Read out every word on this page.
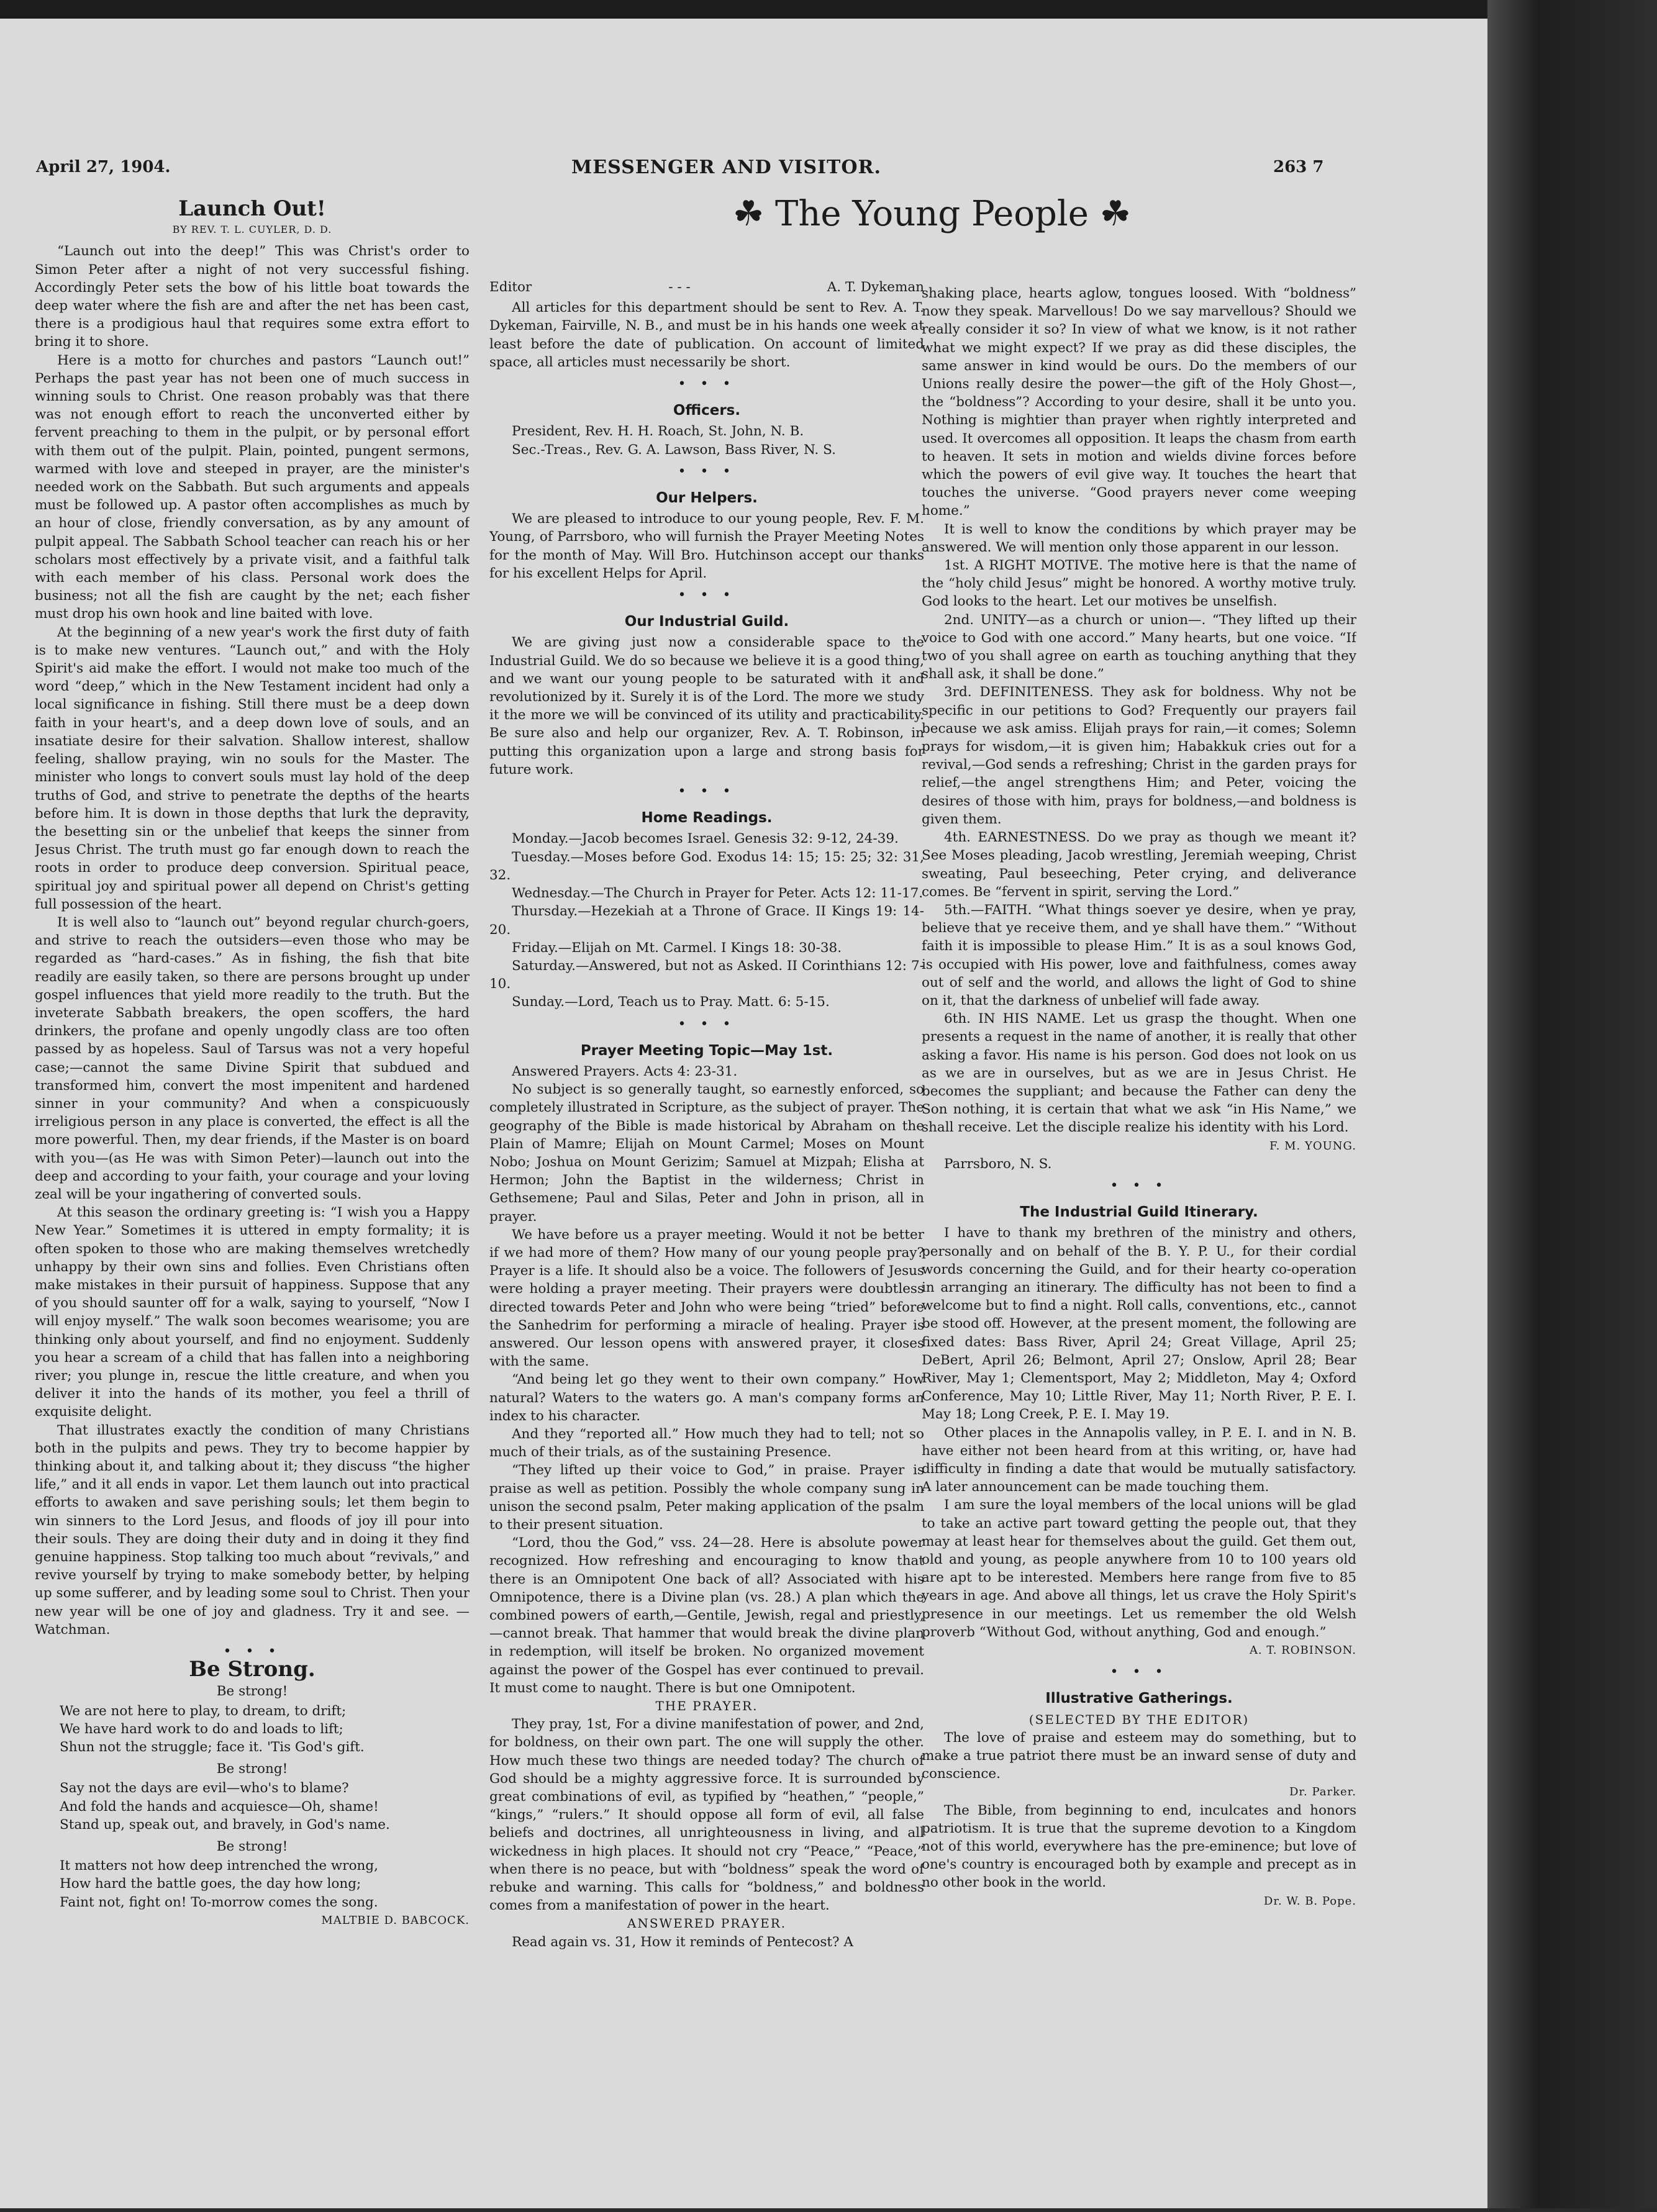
April 27, 1904.	MESSENGER AND VISITOR.	263 7
☘ The Young People ☘
Launch Out!
BY REV. T. L. CUYLER, D. D.

“Launch out into the deep!” This was Christ's order to Simon Peter after a night of not very successful fishing. Accordingly Peter sets the bow of his little boat towards the deep water where the fish are and after the net has been cast, there is a prodigious haul that requires some extra effort to bring it to shore.

Here is a motto for churches and pastors “Launch out!” Perhaps the past year has not been one of much success in winning souls to Christ. One reason probably was that there was not enough effort to reach the unconverted either by fervent preaching to them in the pulpit, or by personal effort with them out of the pulpit. Plain, pointed, pungent sermons, warmed with love and steeped in prayer, are the minister's needed work on the Sabbath. But such arguments and appeals must be followed up. A pastor often accomplishes as much by an hour of close, friendly conversation, as by any amount of pulpit appeal. The Sabbath School teacher can reach his or her scholars most effectively by a private visit, and a faithful talk with each member of his class. Personal work does the business; not all the fish are caught by the net; each fisher must drop his own hook and line baited with love.

At the beginning of a new year's work the first duty of faith is to make new ventures. “Launch out,” and with the Holy Spirit's aid make the effort. I would not make too much of the word “deep,” which in the New Testament incident had only a local significance in fishing. Still there must be a deep down faith in your heart's, and a deep down love of souls, and an insatiate desire for their salvation. Shallow interest, shallow feeling, shallow praying, win no souls for the Master. The minister who longs to convert souls must lay hold of the deep truths of God, and strive to penetrate the depths of the hearts before him. It is down in those depths that lurk the depravity, the besetting sin or the unbelief that keeps the sinner from Jesus Christ. The truth must go far enough down to reach the roots in order to produce deep conversion. Spiritual peace, spiritual joy and spiritual power all depend on Christ's getting full possession of the heart.

It is well also to “launch out” beyond regular church-goers, and strive to reach the outsiders—even those who may be regarded as “hard-cases.” As in fishing, the fish that bite readily are easily taken, so there are persons brought up under gospel influences that yield more readily to the truth. But the inveterate Sabbath breakers, the open scoffers, the hard drinkers, the profane and openly ungodly class are too often passed by as hopeless. Saul of Tarsus was not a very hopeful case;—cannot the same Divine Spirit that subdued and transformed him, convert the most impenitent and hardened sinner in your community? And when a conspicuously irreligious person in any place is converted, the effect is all the more powerful. Then, my dear friends, if the Master is on board with you—(as He was with Simon Peter)—launch out into the deep and according to your faith, your courage and your loving zeal will be your ingathering of converted souls.

At this season the ordinary greeting is: “I wish you a Happy New Year.” Sometimes it is uttered in empty formality; it is often spoken to those who are making themselves wretchedly unhappy by their own sins and follies. Even Christians often make mistakes in their pursuit of happiness. Suppose that any of you should saunter off for a walk, saying to yourself, “Now I will enjoy myself.” The walk soon becomes wearisome; you are thinking only about yourself, and find no enjoyment. Suddenly you hear a scream of a child that has fallen into a neighboring river; you plunge in, rescue the little creature, and when you deliver it into the hands of its mother, you feel a thrill of exquisite delight.

That illustrates exactly the condition of many Christians both in the pulpits and pews. They try to become happier by thinking about it, and talking about it; they discuss “the higher life,” and it all ends in vapor. Let them launch out into practical efforts to awaken and save perishing souls; let them begin to win sinners to the Lord Jesus, and floods of joy ill pour into their souls. They are doing their duty and in doing it they find genuine happiness. Stop talking too much about “revivals,” and revive yourself by trying to make somebody better, by helping up some sufferer, and by leading some soul to Christ. Then your new year will be one of joy and gladness. Try it and see. —Watchman.

• • •
Be Strong.
Be strong!
We are not here to play, to dream, to drift;
We have hard work to do and loads to lift;
Shun not the struggle; face it. 'Tis God's gift.
Be strong!
Say not the days are evil—who's to blame?
And fold the hands and acquiesce—Oh, shame!
Stand up, speak out, and bravely, in God's name.
Be strong!
It matters not how deep intrenched the wrong,
How hard the battle goes, the day how long;
Faint not, fight on! To-morrow comes the song.
MALTBIE D. BABCOCK.
Editor	- - -	A. T. Dykeman

All articles for this department should be sent to Rev. A. T. Dykeman, Fairville, N. B., and must be in his hands one week at least before the date of publication. On account of limited space, all articles must necessarily be short.

• • •
Officers.

President, Rev. H. H. Roach, St. John, N. B.

Sec.-Treas., Rev. G. A. Lawson, Bass River, N. S.

• • •
Our Helpers.

We are pleased to introduce to our young people, Rev. F. M. Young, of Parrsboro, who will furnish the Prayer Meeting Notes for the month of May. Will Bro. Hutchinson accept our thanks for his excellent Helps for April.

• • •
Our Industrial Guild.

We are giving just now a considerable space to the Industrial Guild. We do so because we believe it is a good thing, and we want our young people to be saturated with it and revolutionized by it. Surely it is of the Lord. The more we study it the more we will be convinced of its utility and practicability. Be sure also and help our organizer, Rev. A. T. Robinson, in putting this organization upon a large and strong basis for future work.

• • •
Home Readings.

Monday.—Jacob becomes Israel. Genesis 32: 9-12, 24-39.

Tuesday.—Moses before God. Exodus 14: 15; 15: 25; 32: 31, 32.

Wednesday.—The Church in Prayer for Peter. Acts 12: 11-17.

Thursday.—Hezekiah at a Throne of Grace. II Kings 19: 14-20.

Friday.—Elijah on Mt. Carmel. I Kings 18: 30-38.

Saturday.—Answered, but not as Asked. II Corinthians 12: 7-10.

Sunday.—Lord, Teach us to Pray. Matt. 6: 5-15.

• • •
Prayer Meeting Topic—May 1st.

Answered Prayers. Acts 4: 23-31.

No subject is so generally taught, so earnestly enforced, so completely illustrated in Scripture, as the subject of prayer. The geography of the Bible is made historical by Abraham on the Plain of Mamre; Elijah on Mount Carmel; Moses on Mount Nobo; Joshua on Mount Gerizim; Samuel at Mizpah; Elisha at Hermon; John the Baptist in the wilderness; Christ in Gethsemene; Paul and Silas, Peter and John in prison, all in prayer.

We have before us a prayer meeting. Would it not be better if we had more of them? How many of our young people pray? Prayer is a life. It should also be a voice. The followers of Jesus were holding a prayer meeting. Their prayers were doubtless directed towards Peter and John who were being “tried” before the Sanhedrim for performing a miracle of healing. Prayer is answered. Our lesson opens with answered prayer, it closes with the same.

“And being let go they went to their own company.” How natural? Waters to the waters go. A man's company forms an index to his character.

And they “reported all.” How much they had to tell; not so much of their trials, as of the sustaining Presence.

“They lifted up their voice to God,” in praise. Prayer is praise as well as petition. Possibly the whole company sung in unison the second psalm, Peter making application of the psalm to their present situation.

“Lord, thou the God,” vss. 24—28. Here is absolute power recognized. How refreshing and encouraging to know that there is an Omnipotent One back of all? Associated with his Omnipotence, there is a Divine plan (vs. 28.) A plan which the combined powers of earth,—Gentile, Jewish, regal and priestly,—cannot break. That hammer that would break the divine plan in redemption, will itself be broken. No organized movement against the power of the Gospel has ever continued to prevail. It must come to naught. There is but one Omnipotent.

THE PRAYER.

They pray, 1st, For a divine manifestation of power, and 2nd, for boldness, on their own part. The one will supply the other. How much these two things are needed today? The church of God should be a mighty aggressive force. It is surrounded by great combinations of evil, as typified by “heathen,” “people,” “kings,” “rulers.” It should oppose all form of evil, all false beliefs and doctrines, all unrighteousness in living, and all wickedness in high places. It should not cry “Peace,” “Peace,” when there is no peace, but with “boldness” speak the word of rebuke and warning. This calls for “boldness,” and boldness comes from a manifestation of power in the heart.

ANSWERED PRAYER.

Read again vs. 31, How it reminds of Pentecost? A

shaking place, hearts aglow, tongues loosed. With “boldness” now they speak. Marvellous! Do we say marvellous? Should we really consider it so? In view of what we know, is it not rather what we might expect? If we pray as did these disciples, the same answer in kind would be ours. Do the members of our Unions really desire the power—the gift of the Holy Ghost—, the “boldness”? According to your desire, shall it be unto you. Nothing is mightier than prayer when rightly interpreted and used. It overcomes all opposition. It leaps the chasm from earth to heaven. It sets in motion and wields divine forces before which the powers of evil give way. It touches the heart that touches the universe. “Good prayers never come weeping home.”

It is well to know the conditions by which prayer may be answered. We will mention only those apparent in our lesson.

1st. A RIGHT MOTIVE. The motive here is that the name of the “holy child Jesus” might be honored. A worthy motive truly. God looks to the heart. Let our motives be unselfish.

2nd. UNITY—as a church or union—. “They lifted up their voice to God with one accord.” Many hearts, but one voice. “If two of you shall agree on earth as touching anything that they shall ask, it shall be done.”

3rd. DEFINITENESS. They ask for boldness. Why not be specific in our petitions to God? Frequently our prayers fail because we ask amiss. Elijah prays for rain,—it comes; Solemn prays for wisdom,—it is given him; Habakkuk cries out for a revival,—God sends a refreshing; Christ in the garden prays for relief,—the angel strengthens Him; and Peter, voicing the desires of those with him, prays for boldness,—and boldness is given them.

4th. EARNESTNESS. Do we pray as though we meant it? See Moses pleading, Jacob wrestling, Jeremiah weeping, Christ sweating, Paul beseeching, Peter crying, and deliverance comes. Be “fervent in spirit, serving the Lord.”

5th.—FAITH. “What things soever ye desire, when ye pray, believe that ye receive them, and ye shall have them.” “Without faith it is impossible to please Him.” It is as a soul knows God, is occupied with His power, love and faithfulness, comes away out of self and the world, and allows the light of God to shine on it, that the darkness of unbelief will fade away.

6th. IN HIS NAME. Let us grasp the thought. When one presents a request in the name of another, it is really that other asking a favor. His name is his person. God does not look on us as we are in ourselves, but as we are in Jesus Christ. He becomes the suppliant; and because the Father can deny the Son nothing, it is certain that what we ask “in His Name,” we shall receive. Let the disciple realize his identity with his Lord.

F. M. YOUNG.

Parrsboro, N. S.

• • •
The Industrial Guild Itinerary.

I have to thank my brethren of the ministry and others, personally and on behalf of the B. Y. P. U., for their cordial words concerning the Guild, and for their hearty co-operation in arranging an itinerary. The difficulty has not been to find a welcome but to find a night. Roll calls, conventions, etc., cannot be stood off. However, at the present moment, the following are fixed dates: Bass River, April 24; Great Village, April 25; DeBert, April 26; Belmont, April 27; Onslow, April 28; Bear River, May 1; Clementsport, May 2; Middleton, May 4; Oxford Conference, May 10; Little River, May 11; North River, P. E. I. May 18; Long Creek, P. E. I. May 19.

Other places in the Annapolis valley, in P. E. I. and in N. B. have either not been heard from at this writing, or, have had difficulty in finding a date that would be mutually satisfactory. A later announcement can be made touching them.

I am sure the loyal members of the local unions will be glad to take an active part toward getting the people out, that they may at least hear for themselves about the guild. Get them out, old and young, as people anywhere from 10 to 100 years old are apt to be interested. Members here range from five to 85 years in age. And above all things, let us crave the Holy Spirit's presence in our meetings. Let us remember the old Welsh proverb “Without God, without anything, God and enough.”

A. T. ROBINSON.
• • •
Illustrative Gatherings.
(SELECTED BY THE EDITOR)

The love of praise and esteem may do something, but to make a true patriot there must be an inward sense of duty and conscience.

Dr. Parker.

The Bible, from beginning to end, inculcates and honors patriotism. It is true that the supreme devotion to a Kingdom not of this world, everywhere has the pre-eminence; but love of one's country is encouraged both by example and precept as in no other book in the world.

Dr. W. B. Pope.
